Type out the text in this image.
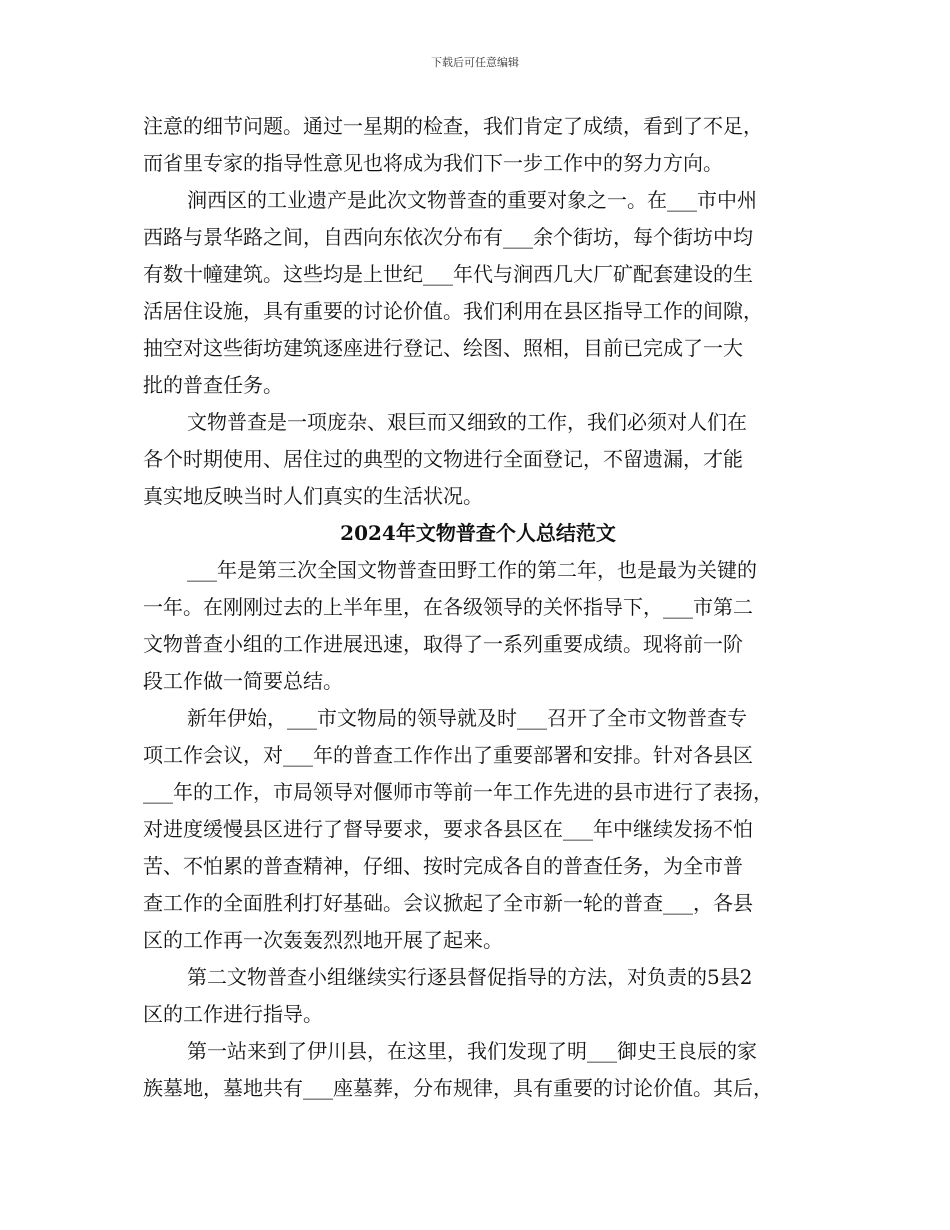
下载后可任意编辑
注意的细节问题。通过一星期的检查，我们肯定了成绩，看到了不足，
而省里专家的指导性意见也将成为我们下一步工作中的努力方向。
涧西区的工业遗产是此次文物普查的重要对象之一。在___市中州
西路与景华路之间，自西向东依次分布有___余个街坊，每个街坊中均
有数十幢建筑。这些均是上世纪___年代与涧西几大厂矿配套建设的生
活居住设施，具有重要的讨论价值。我们利用在县区指导工作的间隙，
抽空对这些街坊建筑逐座进行登记、绘图、照相，目前已完成了一大
批的普查任务。
文物普查是一项庞杂、艰巨而又细致的工作，我们必须对人们在
各个时期使用、居住过的典型的文物进行全面登记，不留遗漏，才能
真实地反映当时人们真实的生活状况。
2024年文物普查个人总结范文
___年是第三次全国文物普查田野工作的第二年，也是最为关键的
一年。在刚刚过去的上半年里，在各级领导的关怀指导下，___市第二
文物普查小组的工作进展迅速，取得了一系列重要成绩。现将前一阶
段工作做一简要总结。
新年伊始，___市文物局的领导就及时___召开了全市文物普查专
项工作会议，对___年的普查工作作出了重要部署和安排。针对各县区
___年的工作，市局领导对偃师市等前一年工作先进的县市进行了表扬，
对进度缓慢县区进行了督导要求，要求各县区在___年中继续发扬不怕
苦、不怕累的普查精神，仔细、按时完成各自的普查任务，为全市普
查工作的全面胜利打好基础。会议掀起了全市新一轮的普查___，各县
区的工作再一次轰轰烈烈地开展了起来。
第二文物普查小组继续实行逐县督促指导的方法，对负责的5县2
区的工作进行指导。
第一站来到了伊川县，在这里，我们发现了明___御史王良辰的家
族墓地，墓地共有___座墓葬，分布规律，具有重要的讨论价值。其后，
